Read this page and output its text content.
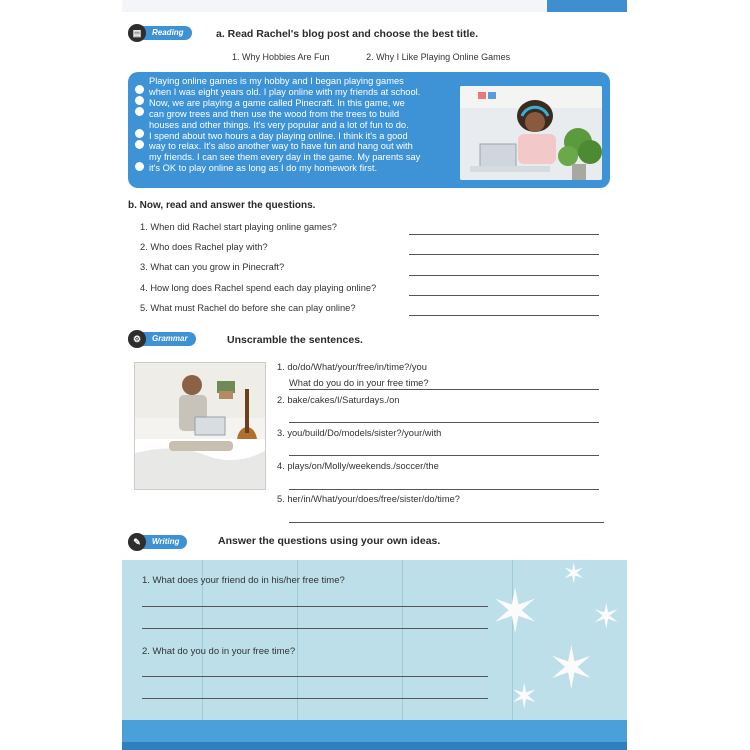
▤	Reading	a. Read Rachel's blog post and choose the best title.
1. Why Hobbies Are Fun	2. Why I Like Playing Online Games
Playing online games is my hobby and I began playing games
when I was eight years old. I play online with my friends at school.
Now, we are playing a game called Pinecraft. In this game, we
can grow trees and then use the wood from the trees to build
houses and other things. It's very popular and a lot of fun to do.
I spend about two hours a day playing online. I think it's a good
way to relax. It's also another way to have fun and hang out with
my friends. I can see them every day in the game. My parents say
it's OK to play online as long as I do my homework first.
b. Now, read and answer the questions.
1. When did Rachel start playing online games?
2. Who does Rachel play with?
3. What can you grow in Pinecraft?
4. How long does Rachel spend each day playing online?
5. What must Rachel do before she can play online?
⚙	Grammar	Unscramble the sentences.
1. do/do/What/your/free/in/time?/you
What do you do in your free time?
2. bake/cakes/I/Saturdays./on
3. you/build/Do/models/sister?/your/with
4. plays/on/Molly/weekends./soccer/the
5. her/in/What/your/does/free/sister/do/time?
✎	Writing	Answer the questions using your own ideas.
✶
✶ ✶
✶
✶
1. What does your friend do in his/her free time?
2. What do you do in your free time?
